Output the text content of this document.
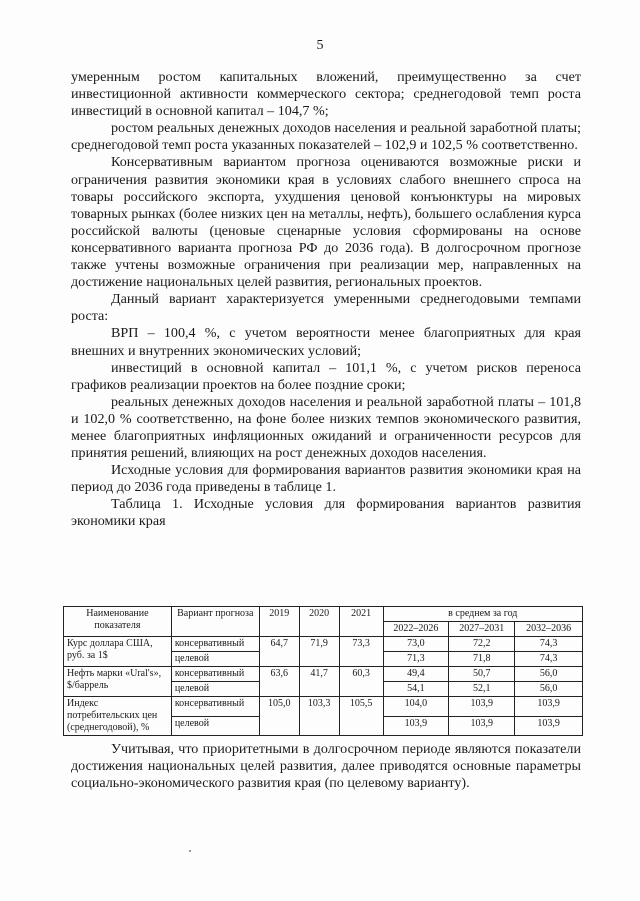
5

умеренным ростом капитальных вложений, преимущественно за счет инвестиционной активности коммерческого сектора; среднегодовой темп роста инвестиций в основной капитал – 104,7 %;

ростом реальных денежных доходов населения и реальной заработной платы; среднегодовой темп роста указанных показателей – 102,9 и 102,5 % соответственно.

Консервативным вариантом прогноза оцениваются возможные риски и ограничения развития экономики края в условиях слабого внешнего спроса на товары российского экспорта, ухудшения ценовой конъюнктуры на мировых товарных рынках (более низких цен на металлы, нефть), большего ослабления курса российской валюты (ценовые сценарные условия сформированы на основе консервативного варианта прогноза РФ до 2036 года). В долгосрочном прогнозе также учтены возможные ограничения при реализации мер, направленных на достижение национальных целей развития, региональных проектов.

Данный вариант характеризуется умеренными среднегодовыми темпами роста:

ВРП – 100,4 %, с учетом вероятности менее благоприятных для края внешних и внутренних экономических условий;

инвестиций в основной капитал – 101,1 %, с учетом рисков переноса графиков реализации проектов на более поздние сроки;

реальных денежных доходов населения и реальной заработной платы – 101,8 и 102,0 % соответственно, на фоне более низких темпов экономического развития, менее благоприятных инфляционных ожиданий и ограниченности ресурсов для принятия решений, влияющих на рост денежных доходов населения.

Исходные условия для формирования вариантов развития экономики края на период до 2036 года приведены в таблице 1.

Таблица 1. Исходные условия для формирования вариантов развития экономики края

Наименование показателя	Вариант прогноза	2019	2020	2021	в среднем за год		
					2022–2026	2027–2031	2032–2036
Курс доллара США, руб. за 1$	консервативный	64,7	71,9	73,3	73,0	72,2	74,3
	целевой				71,3	71,8	74,3
Нефть марки «Ural's», $/баррель	консервативный	63,6	41,7	60,3	49,4	50,7	56,0
	целевой				54,1	52,1	56,0
Индекс потребительских цен (среднегодовой), %	консервативный	105,0	103,3	105,5	104,0	103,9	103,9
	целевой				103,9	103,9	103,9

Учитывая, что приоритетными в долгосрочном периоде являются показатели достижения национальных целей развития, далее приводятся основные параметры социально-экономического развития края (по целевому варианту).
